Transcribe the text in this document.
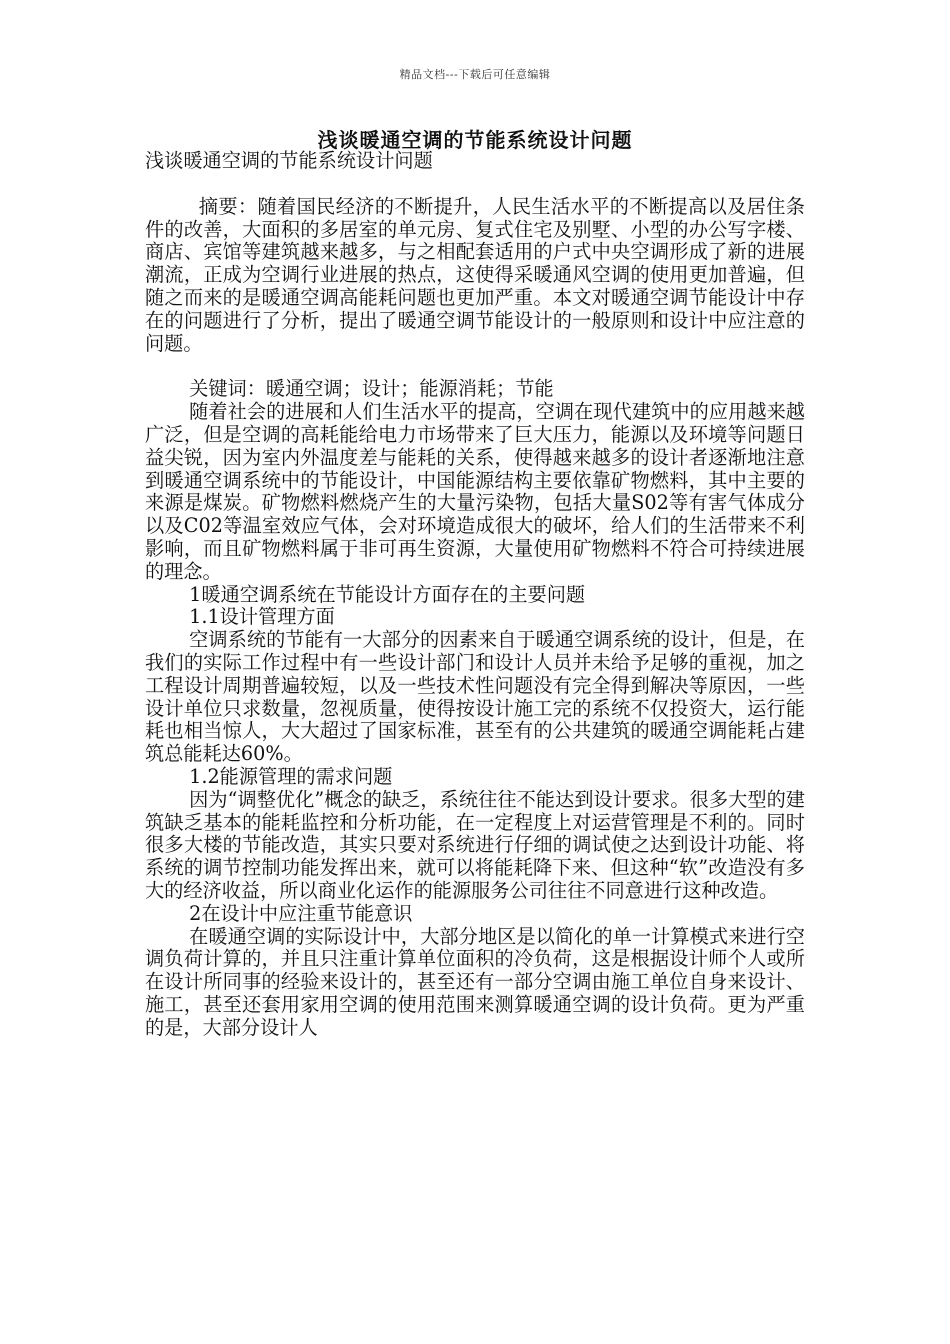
精品文档---下载后可任意编辑
浅谈暖通空调的节能系统设计问题

浅谈暖通空调的节能系统设计问题

摘要：随着国民经济的不断提升，人民生活水平的不断提高以及居住条件的改善，大面积的多居室的单元房、复式住宅及别墅、小型的办公写字楼、商店、宾馆等建筑越来越多，与之相配套适用的户式中央空调形成了新的进展潮流，正成为空调行业进展的热点，这使得采暖通风空调的使用更加普遍，但随之而来的是暖通空调高能耗问题也更加严重。本文对暖通空调节能设计中存在的问题进行了分析，提出了暖通空调节能设计的一般原则和设计中应注意的问题。

关键词：暖通空调；设计；能源消耗；节能

随着社会的进展和人们生活水平的提高，空调在现代建筑中的应用越来越广泛，但是空调的高耗能给电力市场带来了巨大压力，能源以及环境等问题日益尖锐，因为室内外温度差与能耗的关系，使得越来越多的设计者逐渐地注意到暖通空调系统中的节能设计，中国能源结构主要依靠矿物燃料，其中主要的来源是煤炭。矿物燃料燃烧产生的大量污染物，包括大量S02等有害气体成分以及C02等温室效应气体，会对环境造成很大的破坏，给人们的生活带来不利影响，而且矿物燃料属于非可再生资源，大量使用矿物燃料不符合可持续进展的理念。

1暖通空调系统在节能设计方面存在的主要问题

1.1设计管理方面

空调系统的节能有一大部分的因素来自于暖通空调系统的设计，但是，在我们的实际工作过程中有一些设计部门和设计人员并未给予足够的重视，加之工程设计周期普遍较短，以及一些技术性问题没有完全得到解决等原因，一些设计单位只求数量，忽视质量，使得按设计施工完的系统不仅投资大，运行能耗也相当惊人，大大超过了国家标准，甚至有的公共建筑的暖通空调能耗占建筑总能耗达60%。

1.2能源管理的需求问题

因为“调整优化”概念的缺乏，系统往往不能达到设计要求。很多大型的建筑缺乏基本的能耗监控和分析功能，在一定程度上对运营管理是不利的。同时很多大楼的节能改造，其实只要对系统进行仔细的调试使之达到设计功能、将系统的调节控制功能发挥出来，就可以将能耗降下来、但这种“软”改造没有多大的经济收益，所以商业化运作的能源服务公司往往不同意进行这种改造。

2在设计中应注重节能意识

在暖通空调的实际设计中，大部分地区是以简化的单一计算模式来进行空调负荷计算的，并且只注重计算单位面积的冷负荷，这是根据设计师个人或所在设计所同事的经验来设计的，甚至还有一部分空调由施工单位自身来设计、施工，甚至还套用家用空调的使用范围来测算暖通空调的设计负荷。更为严重的是，大部分设计人
